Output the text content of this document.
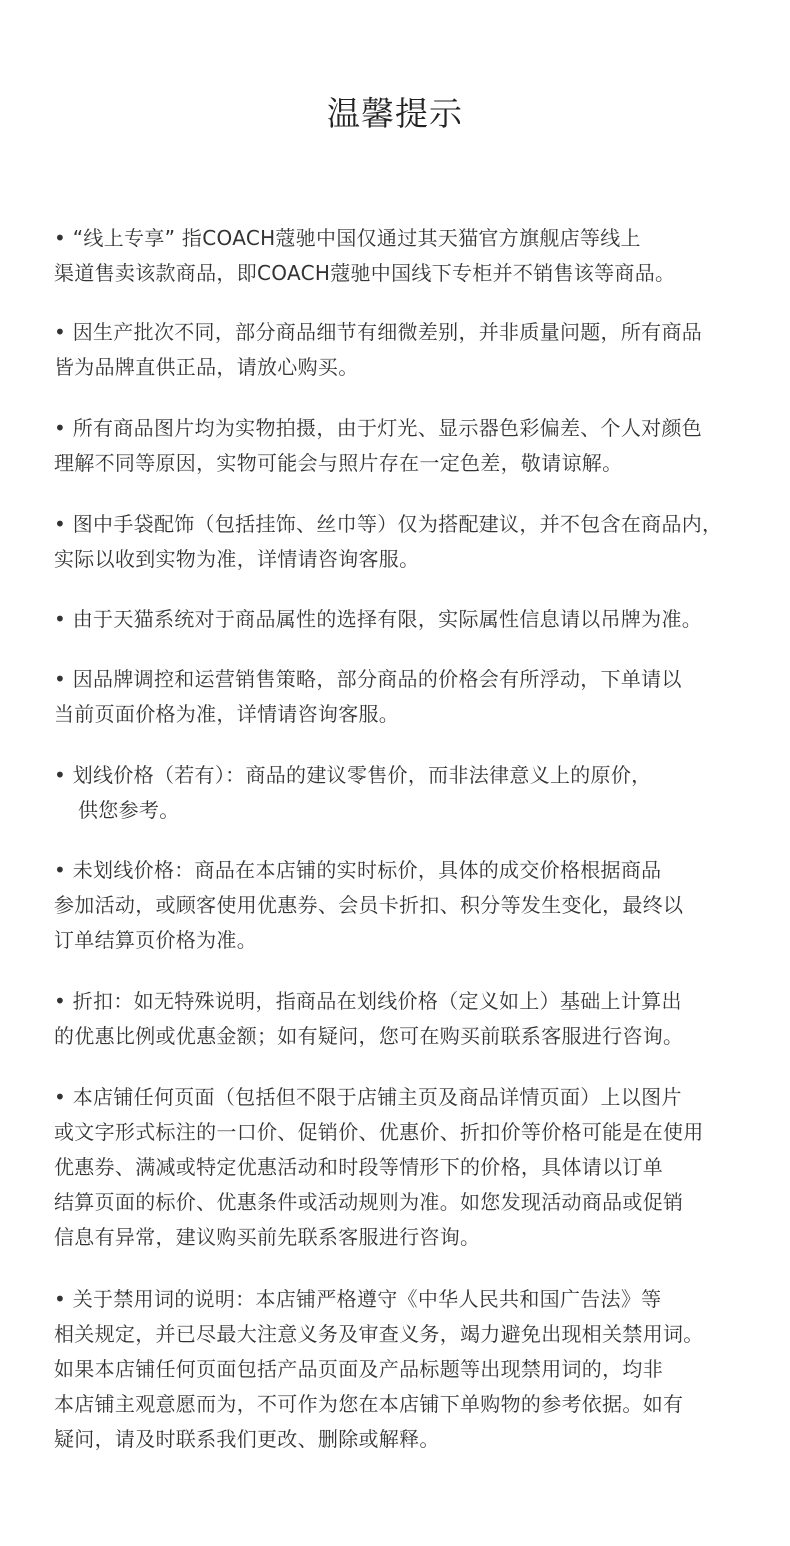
温馨提示
• “线上专享” 指COACH蔻驰中国仅通过其天猫官方旗舰店等线上
渠道售卖该款商品，即COACH蔻驰中国线下专柜并不销售该等商品。
• 因生产批次不同，部分商品细节有细微差别，并非质量问题，所有商品
皆为品牌直供正品，请放心购买。
• 所有商品图片均为实物拍摄，由于灯光、显示器色彩偏差、个人对颜色
理解不同等原因，实物可能会与照片存在一定色差，敬请谅解。
• 图中手袋配饰（包括挂饰、丝巾等）仅为搭配建议，并不包含在商品内，
实际以收到实物为准，详情请咨询客服。
• 由于天猫系统对于商品属性的选择有限，实际属性信息请以吊牌为准。
• 因品牌调控和运营销售策略，部分商品的价格会有所浮动，下单请以
当前页面价格为准，详情请咨询客服。
• 划线价格（若有）：商品的建议零售价，而非法律意义上的原价，
供您参考。
• 未划线价格：商品在本店铺的实时标价，具体的成交价格根据商品
参加活动，或顾客使用优惠券、会员卡折扣、积分等发生变化，最终以
订单结算页价格为准。
• 折扣：如无特殊说明，指商品在划线价格（定义如上）基础上计算出
的优惠比例或优惠金额；如有疑问，您可在购买前联系客服进行咨询。
• 本店铺任何页面（包括但不限于店铺主页及商品详情页面）上以图片
或文字形式标注的一口价、促销价、优惠价、折扣价等价格可能是在使用
优惠券、满减或特定优惠活动和时段等情形下的价格，具体请以订单
结算页面的标价、优惠条件或活动规则为准。如您发现活动商品或促销
信息有异常，建议购买前先联系客服进行咨询。
• 关于禁用词的说明：本店铺严格遵守《中华人民共和国广告法》等
相关规定，并已尽最大注意义务及审查义务，竭力避免出现相关禁用词。
如果本店铺任何页面包括产品页面及产品标题等出现禁用词的，均非
本店铺主观意愿而为，不可作为您在本店铺下单购物的参考依据。如有
疑问，请及时联系我们更改、删除或解释。
